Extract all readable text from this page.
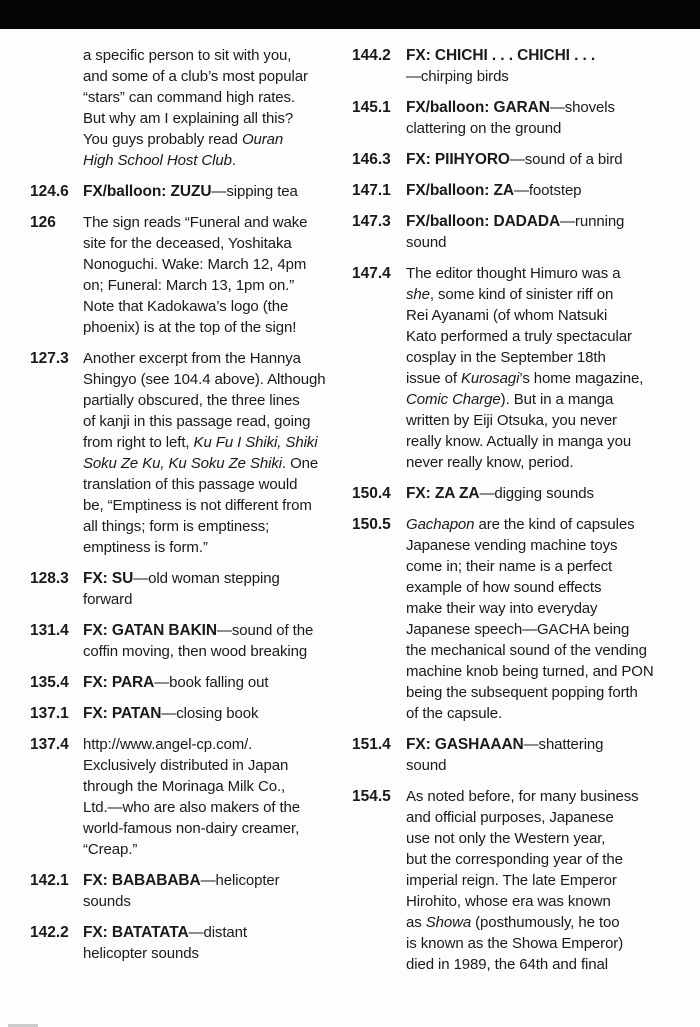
a specific person to sit with you,
and some of a club’s most popular
“stars” can command high rates.
But why am I explaining all this?
You guys probably read Ouran
High School Host Club.
124.6 FX/balloon: ZUZU—sipping tea
126	The sign reads “Funeral and wake
site for the deceased, Yoshitaka
Nonoguchi. Wake: March 12, 4pm
on; Funeral: March 13, 1pm on.”
Note that Kadokawa’s logo (the
phoenix) is at the top of the sign!
127.3 Another excerpt from the Hannya
Shingyo (see 104.4 above). Although
partially obscured, the three lines
of kanji in this passage read, going
from right to left, Ku Fu I Shiki, Shiki
Soku Ze Ku, Ku Soku Ze Shiki. One
translation of this passage would
be, “Emptiness is not different from
all things; form is emptiness;
emptiness is form.”
128.3 FX: SU—old woman stepping
forward
131.4 FX: GATAN BAKIN—sound of the
coffin moving, then wood breaking
135.4 FX: PARA—book falling out
137.1 FX: PATAN—closing book
137.4 http://www.angel-cp.com/.
Exclusively distributed in Japan
through the Morinaga Milk Co.,
Ltd.—who are also makers of the
world-famous non-dairy creamer,
“Creap.”
142.1 FX: BABABABA—helicopter
sounds
142.2 FX: BATATATA—distant
helicopter sounds
144.2 FX: CHICHI . . . CHICHI . . .
—chirping birds
145.1 FX/balloon: GARAN—shovels
clattering on the ground
146.3 FX: PIIHYORO—sound of a bird
147.1 FX/balloon: ZA—footstep
147.3 FX/balloon: DADADA—running
sound
147.4	The editor thought Himuro was a
she, some kind of sinister riff on
Rei Ayanami (of whom Natsuki
Kato performed a truly spectacular
cosplay in the September 18th
issue of Kurosagi’s home magazine,
Comic Charge). But in a manga
written by Eiji Otsuka, you never
really know. Actually in manga you
never really know, period.
150.4 FX: ZA ZA—digging sounds
150.5	Gachapon are the kind of capsules
Japanese vending machine toys
come in; their name is a perfect
example of how sound effects
make their way into everyday
Japanese speech—GACHA being
the mechanical sound of the vending
machine knob being turned, and PON
being the subsequent popping forth
of the capsule.
151.4 FX: GASHAAAN—shattering
sound
154.5	As noted before, for many business
and official purposes, Japanese
use not only the Western year,
but the corresponding year of the
imperial reign. The late Emperor
Hirohito, whose era was known
as Showa (posthumously, he too
is known as the Showa Emperor)
died in 1989, the 64th and final
